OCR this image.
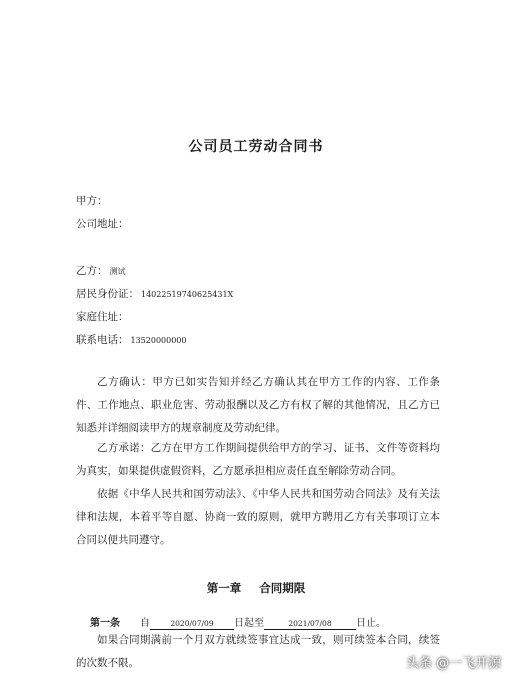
公司员工劳动合同书
甲方：
公司地址：
乙方： 测试
居民身份证： 14022519740625431X
家庭住址：
联系电话： 13520000000

乙方确认：甲方已如实告知并经乙方确认其在甲方工作的内容、工作条件、工作地点、职业危害、劳动报酬以及乙方有权了解的其他情况，且乙方已知悉并详细阅读甲方的规章制度及劳动纪律。

乙方承诺：乙方在甲方工作期间提供给甲方的学习、证书、文件等资料均为真实，如果提供虚假资料，乙方愿承担相应责任直至解除劳动合同。

依据《中华人民共和国劳动法》、《中华人民共和国劳动合同法》及有关法律和法规，本着平等自愿、协商一致的原则，就甲方聘用乙方有关事项订立本合同以便共同遵守。

第一章 合同期限
第一条 自	2020/07/09 日起至	2021/07/08 日止。

如果合同期满前一个月双方就续签事宜达成一致，则可续签本合同，续签的次数不限。	头条 @一飞开源
